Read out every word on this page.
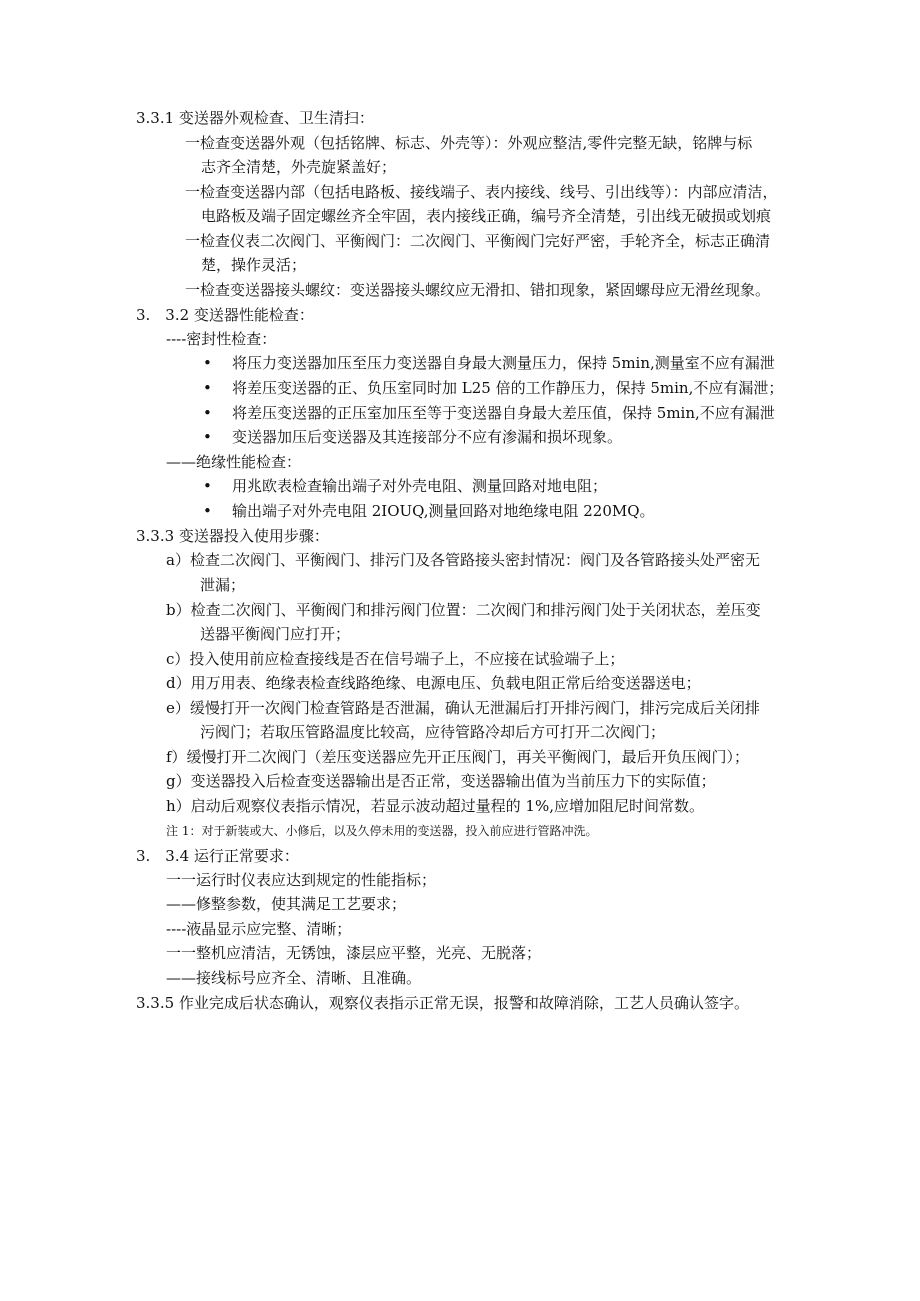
3.3.1 变送器外观检查、卫生清扫：
一检查变送器外观（包括铭牌、标志、外壳等）：外观应整洁,零件完整无缺，铭牌与标
志齐全清楚，外壳旋紧盖好；
一检查变送器内部（包括电路板、接线端子、表内接线、线号、引出线等）：内部应清洁，
电路板及端子固定螺丝齐全牢固，表内接线正确，编号齐全清楚，引出线无破损或划痕
一检查仪表二次阀门、平衡阀门：二次阀门、平衡阀门完好严密，手轮齐全，标志正确清
楚，操作灵活；
一检查变送器接头螺纹：变送器接头螺纹应无滑扣、错扣现象，紧固螺母应无滑丝现象。
3.　3.2 变送器性能检查：
----密封性检查：
• 将压力变送器加压至压力变送器自身最大测量压力，保持 5min,测量室不应有漏泄
• 将差压变送器的正、负压室同时加 L25 倍的工作静压力，保持 5min,不应有漏泄；
• 将差压变送器的正压室加压至等于变送器自身最大差压值，保持 5min,不应有漏泄
• 变送器加压后变送器及其连接部分不应有渗漏和损坏现象。
——绝缘性能检查：
• 用兆欧表检查输出端子对外壳电阻、测量回路对地电阻；
• 输出端子对外壳电阻 2IOUQ,测量回路对地绝缘电阻 220MQ。
3.3.3 变送器投入使用步骤：
a）检查二次阀门、平衡阀门、排污门及各管路接头密封情况：阀门及各管路接头处严密无
泄漏；
b）检查二次阀门、平衡阀门和排污阀门位置：二次阀门和排污阀门处于关闭状态，差压变
送器平衡阀门应打开；
c）投入使用前应检查接线是否在信号端子上，不应接在试验端子上；
d）用万用表、绝缘表检查线路绝缘、电源电压、负载电阻正常后给变送器送电；
e）缓慢打开一次阀门检查管路是否泄漏，确认无泄漏后打开排污阀门，排污完成后关闭排
污阀门；若取压管路温度比较高，应待管路冷却后方可打开二次阀门；
f）缓慢打开二次阀门（差压变送器应先开正压阀门，再关平衡阀门，最后开负压阀门）；
g）变送器投入后检查变送器输出是否正常，变送器输出值为当前压力下的实际值；
h）启动后观察仪表指示情况，若显示波动超过量程的 1%,应增加阻尼时间常数。
注 1：对于新装或大、小修后，以及久停未用的变送器，投入前应进行管路冲洗。
3.　3.4 运行正常要求：
一一运行时仪表应达到规定的性能指标；
——修整参数，使其满足工艺要求；
----液晶显示应完整、清晰；
一一整机应清洁，无锈蚀，漆层应平整，光亮、无脱落；
——接线标号应齐全、清晰、且准确。
3.3.5 作业完成后状态确认，观察仪表指示正常无误，报警和故障消除，工艺人员确认签字。
